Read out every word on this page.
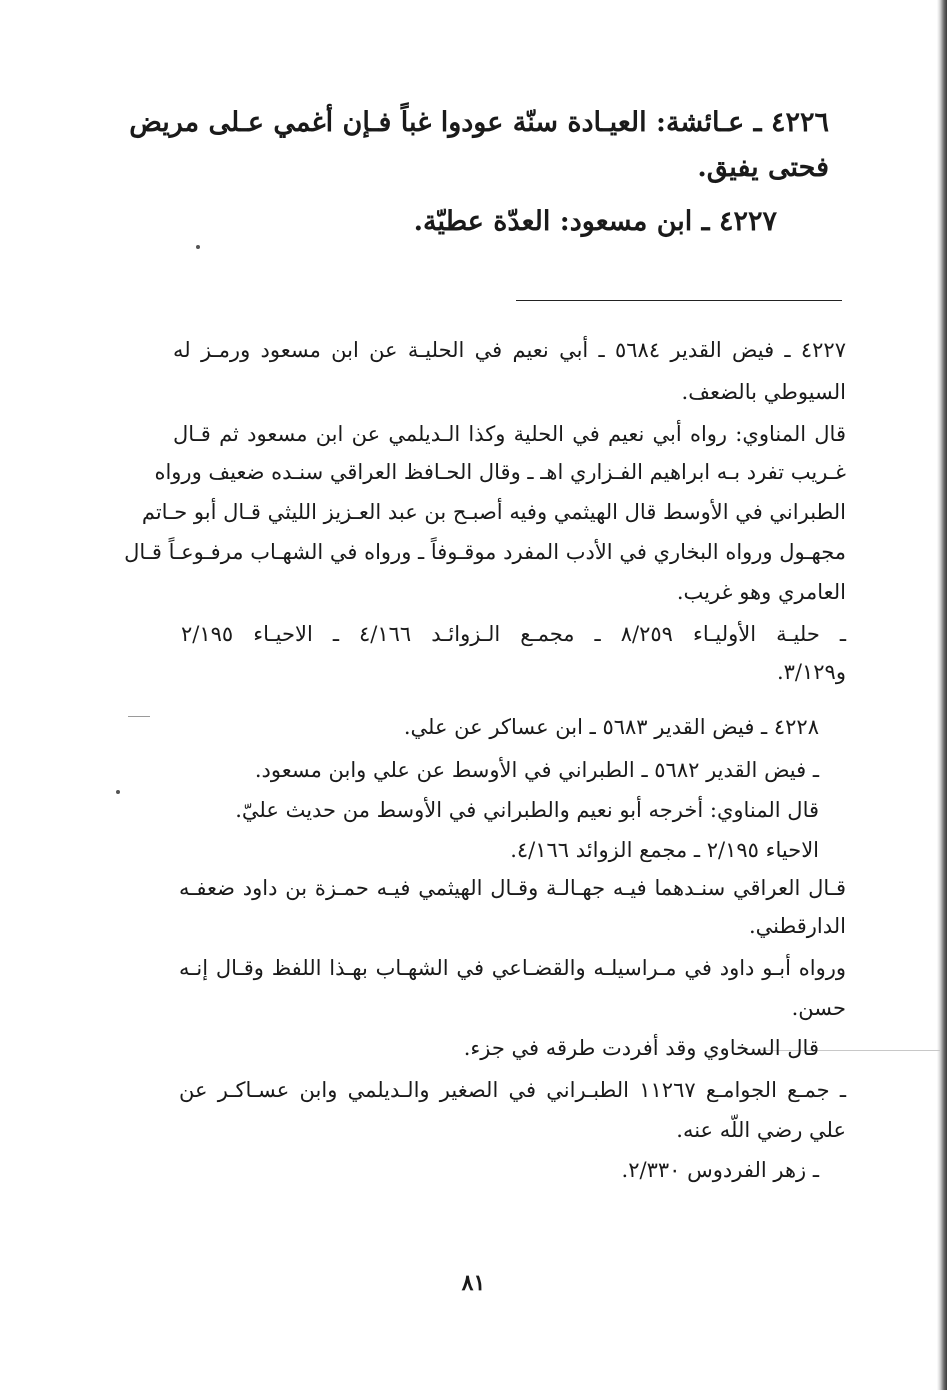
٤٢٢٦ ـ عـائشة: العيـادة سنّة عودوا غباً فـإن أغمي عـلى مريض
فحتى يفيق.
٤٢٢٧ ـ ابن مسعود: العدّة عطيّة.
٤٢٢٧ ـ فيض القدير ٥٦٨٤ ـ أبي نعيم في الحليـة عن ابن مسعود ورمـز له
السيوطي بالضعف.
قال المناوي: رواه أبي نعيم في الحلية وكذا الـديلمي عن ابن مسعود ثم قـال
غـريب تفرد بـه ابراهيم الفـزاري اهـ ـ وقال الحـافظ العراقي سنـده ضعيف ورواه
الطبراني في الأوسط قال الهيثمي وفيه أصبـح بن عبد العـزيز الليثي قـال أبو حـاتم
مجهـول ورواه البخاري في الأدب المفرد موقـوفاً ـ ورواه في الشهـاب مرفـوعـاً قـال
العامري وهو غريب.
ـ حليـة الأوليـاء ٨/٢٥٩ ـ مجمـع الـزوائـد ٤/١٦٦ ـ الاحيـاء ٢/١٩٥
و٣/١٢٩.
٤٢٢٨ ـ فيض القدير ٥٦٨٣ ـ ابن عساكر عن علي.
ـ فيض القدير ٥٦٨٢ ـ الطبراني في الأوسط عن علي وابن مسعود.
قال المناوي: أخرجه أبو نعيم والطبراني في الأوسط من حديث عليّ.
الاحياء ٢/١٩٥ ـ مجمع الزوائد ٤/١٦٦.
قـال العراقي سنـدهما فيـه جهـالـة وقـال الهيثمي فيـه حمـزة بن داود ضعفـه
الدارقطني.
ورواه أبـو داود في مـراسيلـه والقضـاعي في الشهـاب بهـذا اللفظ وقـال إنـه
حسن.
قال السخاوي وقد أفردت طرقه في جزء.
ـ جمـع الجوامـع ١١٢٦٧ الطبـراني في الصغير والـديلمي وابن عسـاكـر عن
علي رضي اللّه عنه.
ـ زهر الفردوس ٢/٣٣٠.
٨١
